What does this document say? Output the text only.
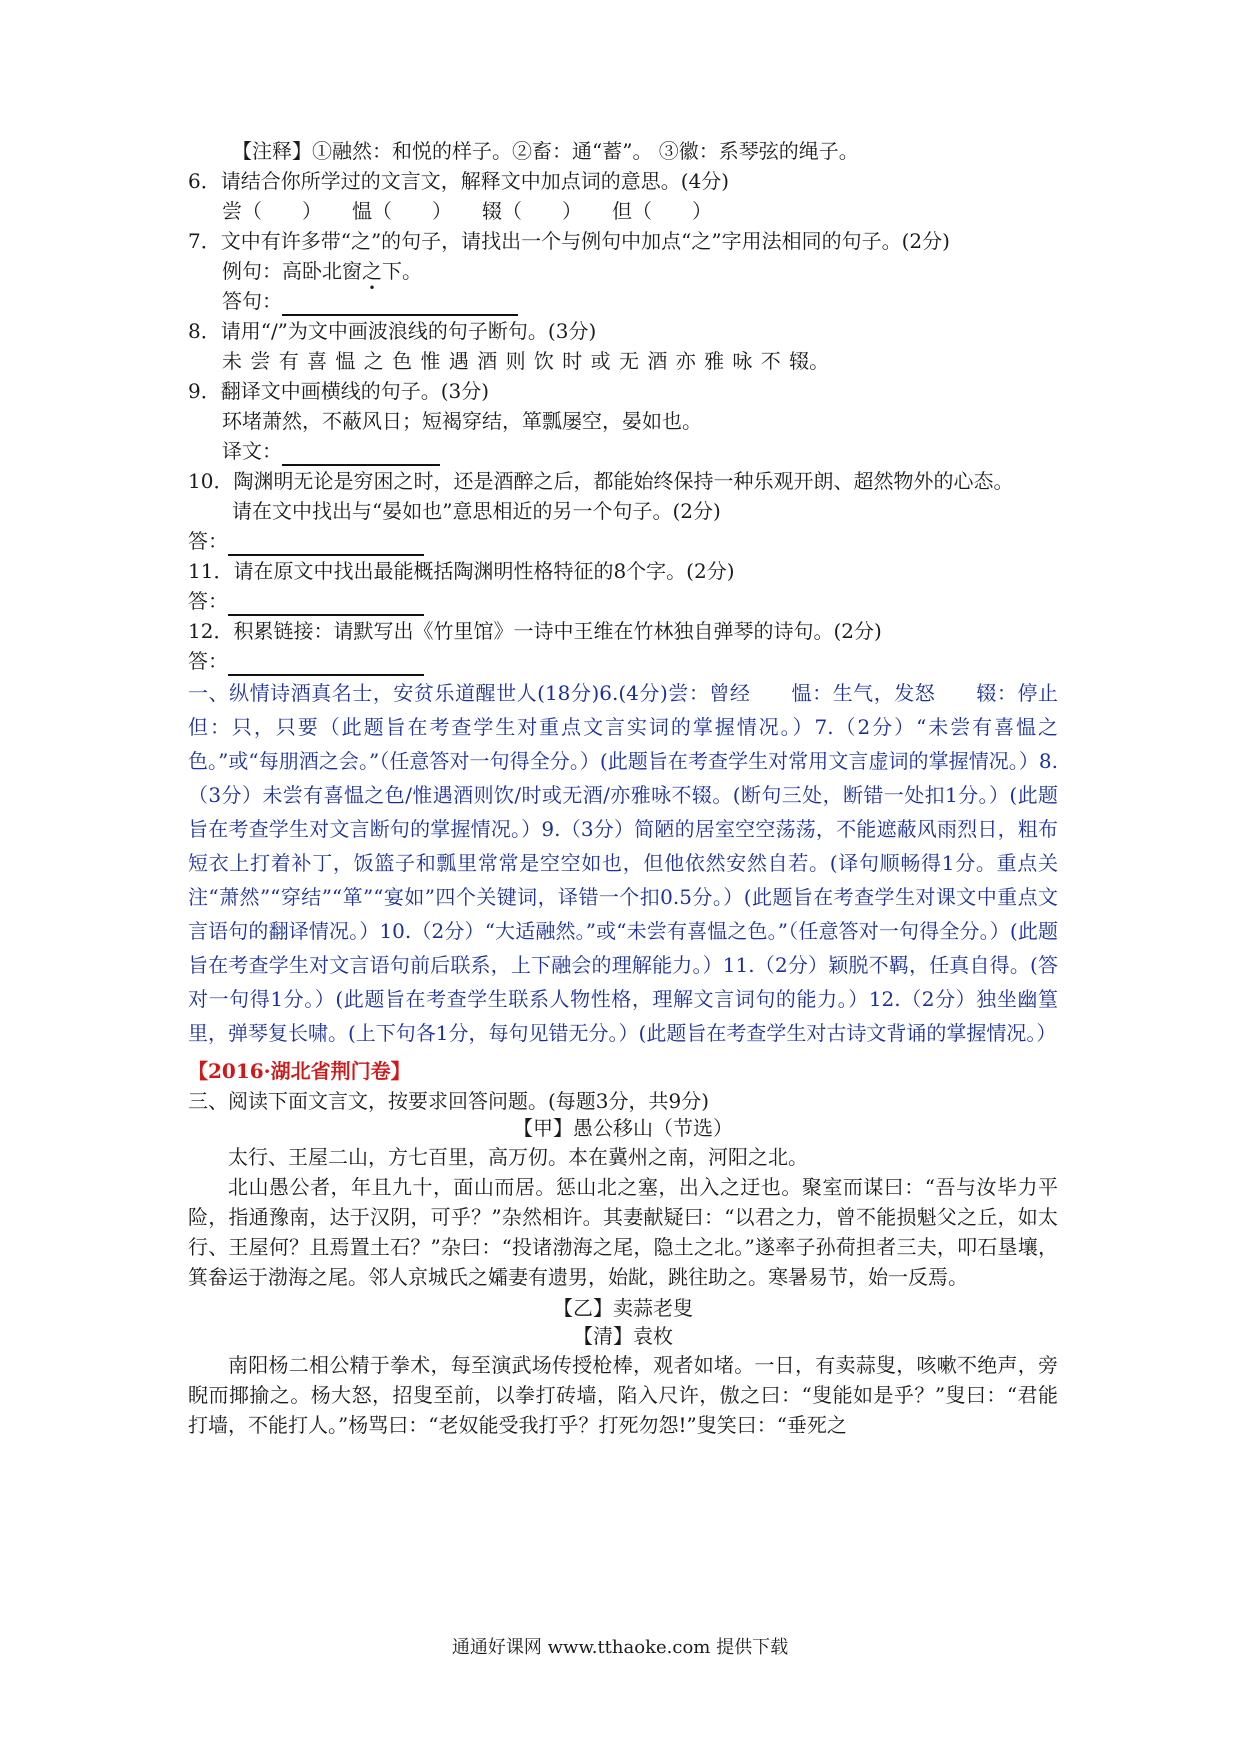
【注释】①融然：和悦的样子。②畜：通“蓄”。 ③徽：系琴弦的绳子。
6．请结合你所学过的文言文，解释文中加点词的意思。(4分)
尝（　　）　　愠（　　）　　辍（　　）　　但（　　）
7．文中有许多带“之”的句子，请找出一个与例句中加点“之”字用法相同的句子。(2分)
例句：高卧北窗之下。
答句：
8．请用“/”为文中画波浪线的句子断句。(3分)
未 尝 有 喜 愠 之 色 惟 遇 酒 则 饮 时 或 无 酒 亦 雅 咏 不 辍。
9．翻译文中画横线的句子。(3分)
环堵萧然，不蔽风日；短褐穿结，箪瓢屡空，晏如也。
译文：
10．陶渊明无论是穷困之时，还是酒醉之后，都能始终保持一种乐观开朗、超然物外的心态。
请在文中找出与“晏如也”意思相近的另一个句子。(2分)
答：
11．请在原文中找出最能概括陶渊明性格特征的8个字。(2分)
答：
12．积累链接：请默写出《竹里馆》一诗中王维在竹林独自弹琴的诗句。(2分)
答：
一、纵情诗酒真名士，安贫乐道醒世人(18分)6.(4分)尝：曾经　　愠：生气，发怒　　辍：停止　　但：只，只要（此题旨在考查学生对重点文言实词的掌握情况。）7.（2分）“未尝有喜愠之色。”或“每朋酒之会。”（任意答对一句得全分。）(此题旨在考查学生对常用文言虚词的掌握情况。）8.（3分）未尝有喜愠之色/惟遇酒则饮/时或无酒/亦雅咏不辍。(断句三处，断错一处扣1分。）(此题旨在考查学生对文言断句的掌握情况。）9.（3分）简陋的居室空空荡荡，不能遮蔽风雨烈日，粗布短衣上打着补丁，饭篮子和瓢里常常是空空如也，但他依然安然自若。(译句顺畅得1分。重点关注“萧然”“穿结”“箪”“宴如”四个关键词，译错一个扣0.5分。）(此题旨在考查学生对课文中重点文言语句的翻译情况。）10.（2分）“大适融然。”或“未尝有喜愠之色。”（任意答对一句得全分。）(此题旨在考查学生对文言语句前后联系，上下融会的理解能力。）11.（2分）颖脱不羁，任真自得。(答对一句得1分。）(此题旨在考查学生联系人物性格，理解文言词句的能力。）12.（2分）独坐幽篁里，弹琴复长啸。(上下句各1分，每句见错无分。）(此题旨在考查学生对古诗文背诵的掌握情况。）
【2016·湖北省荆门卷】
三、阅读下面文言文，按要求回答问题。(每题3分，共9分)
【甲】愚公移山（节选）
太行、王屋二山，方七百里，高万仞。本在冀州之南，河阳之北。
北山愚公者，年且九十，面山而居。惩山北之塞，出入之迂也。聚室而谋曰：“吾与汝毕力平险，指通豫南，达于汉阴，可乎？”杂然相许。其妻献疑曰：“以君之力，曾不能损魁父之丘，如太行、王屋何？且焉置土石？”杂曰：“投诸渤海之尾，隐土之北。”遂率子孙荷担者三夫，叩石垦壤，箕畚运于渤海之尾。邻人京城氏之孀妻有遗男，始龀，跳往助之。寒暑易节，始一反焉。
【乙】卖蒜老叟
【清】袁枚
南阳杨二相公精于拳术，每至演武场传授枪棒，观者如堵。一日，有卖蒜叟，咳嗽不绝声，旁睨而揶揄之。杨大怒，招叟至前，以拳打砖墙，陷入尺许，傲之曰：“叟能如是乎？”叟曰：“君能打墙，不能打人。”杨骂曰：“老奴能受我打乎？打死勿怨!”叟笑曰：“垂死之
通通好课网 www.tthaoke.com 提供下载
